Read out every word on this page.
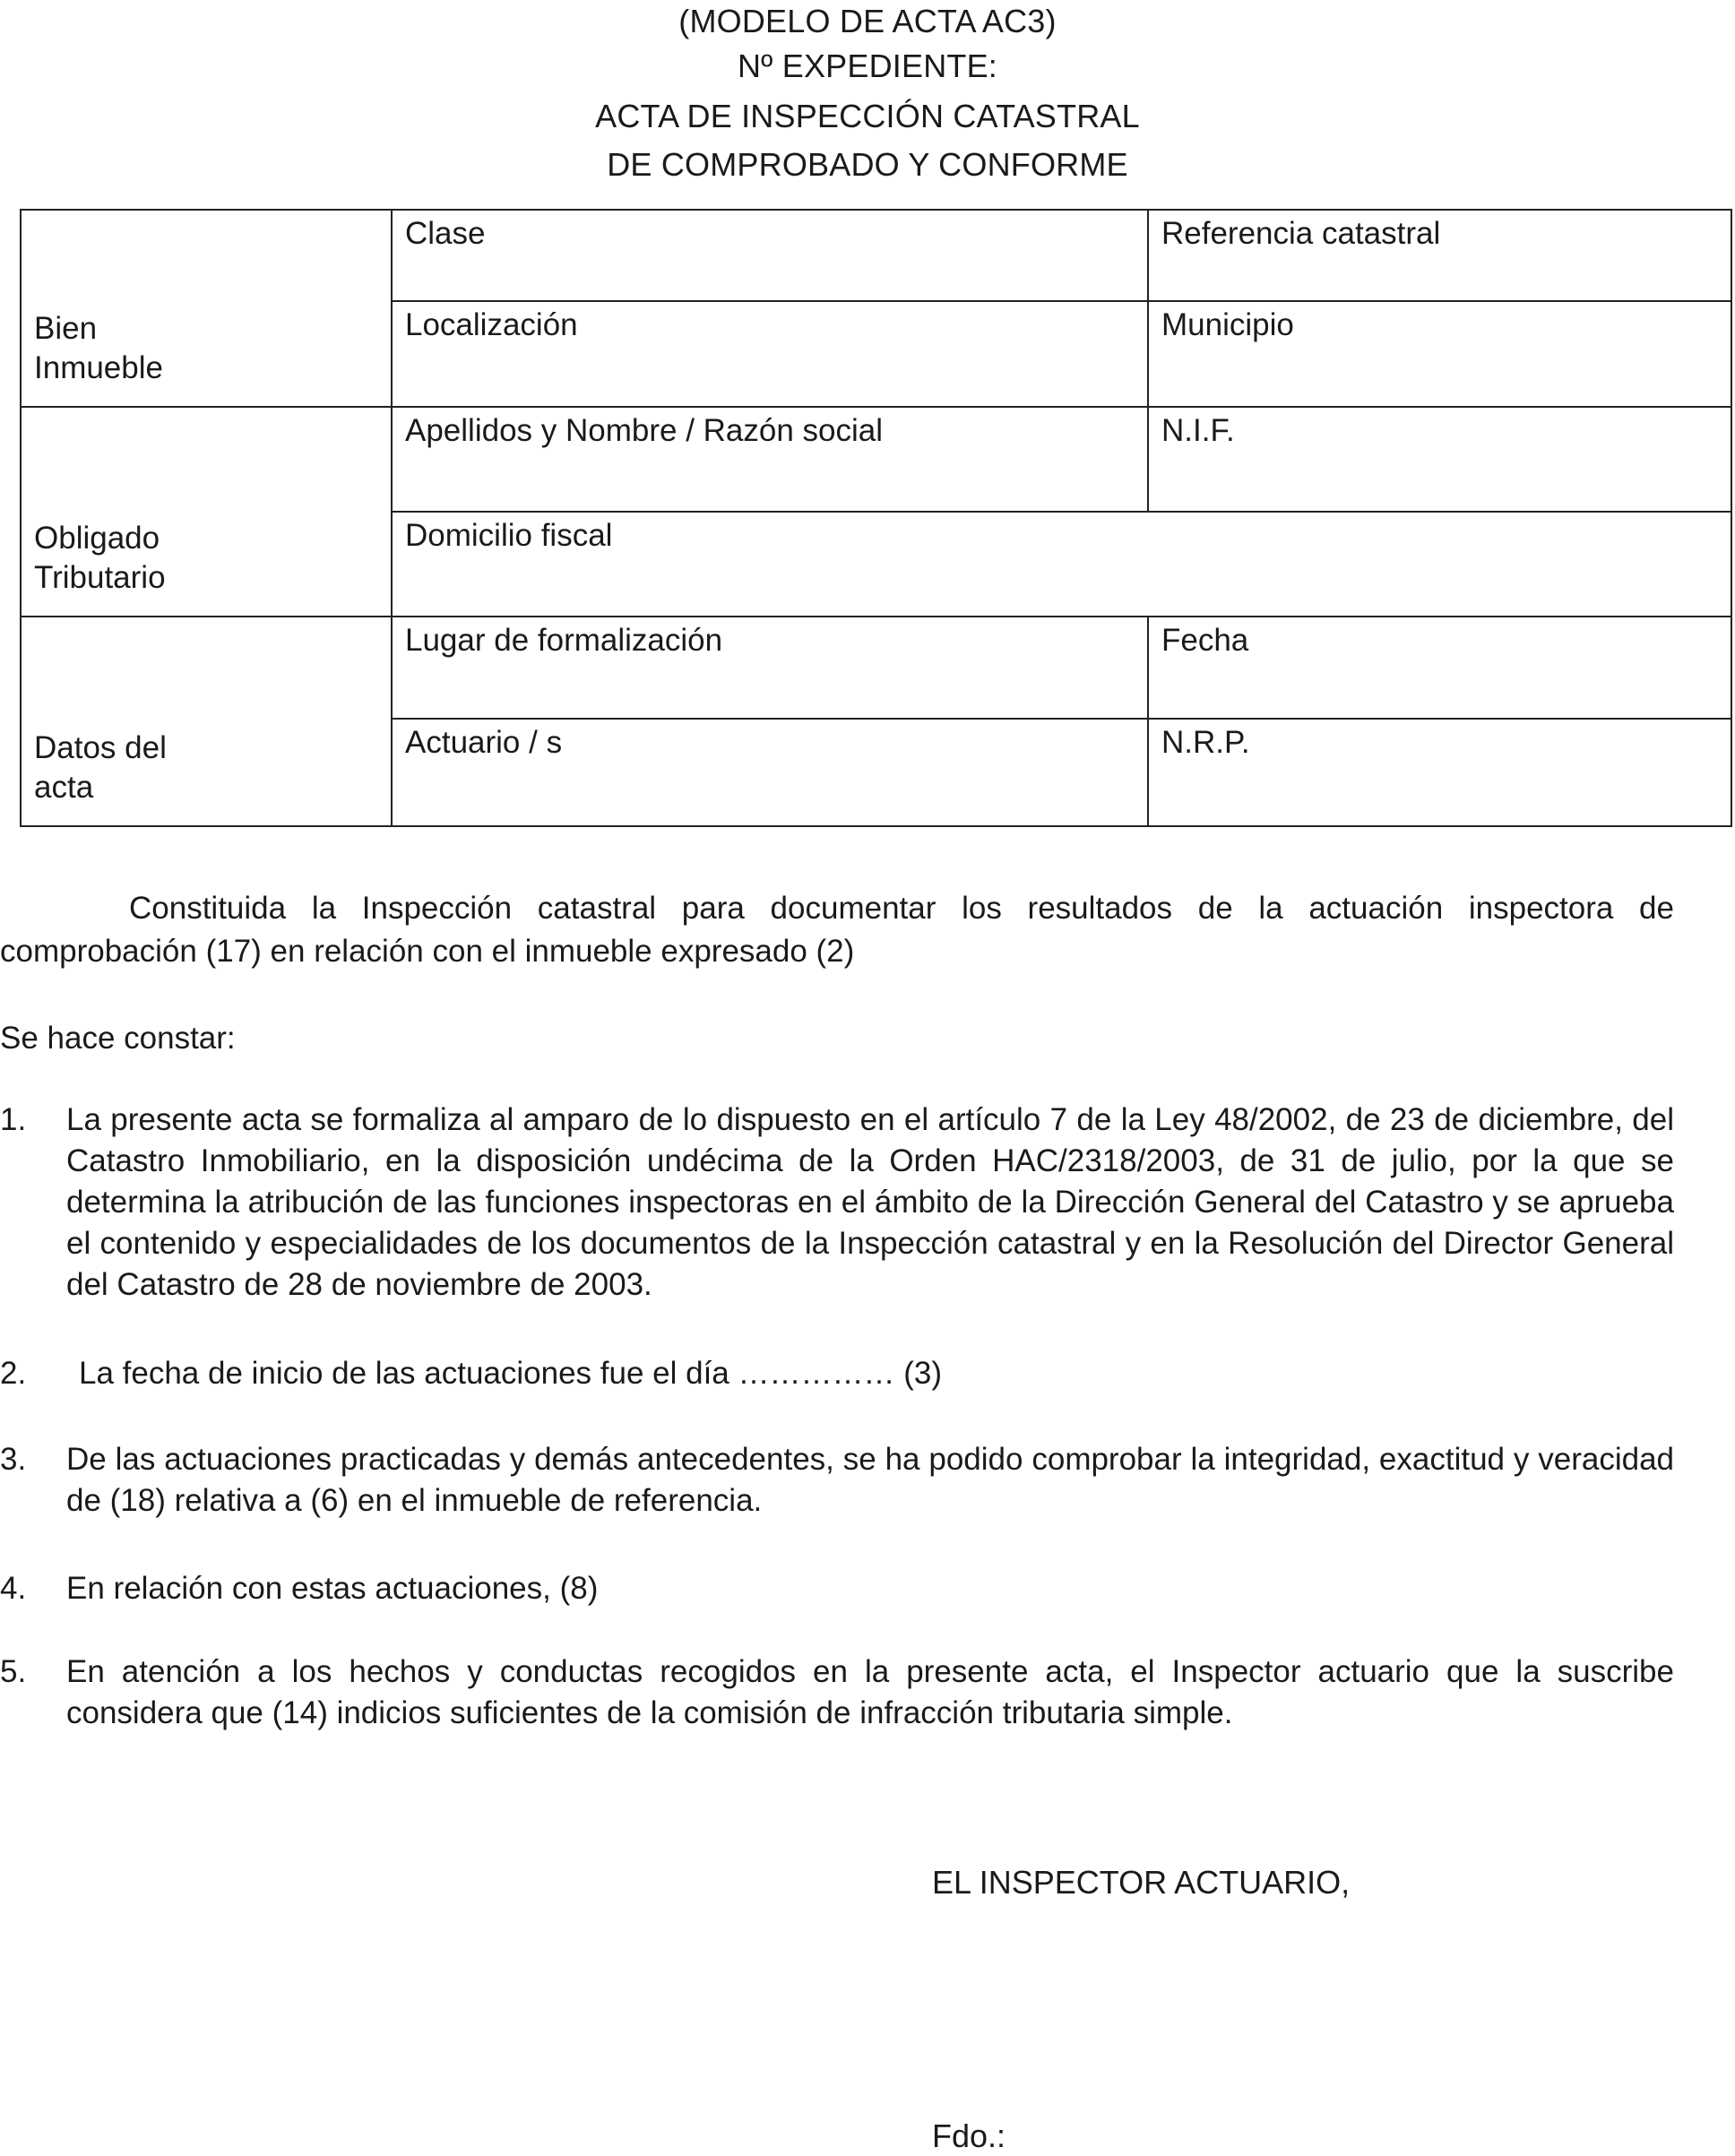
(MODELO DE ACTA AC3)
Nº EXPEDIENTE:
ACTA DE INSPECCIÓN CATASTRAL
DE COMPROBADO Y CONFORME
Bien Inmueble	Clase	Referencia catastral
	Localización	Municipio

Obligado Tributario	Apellidos y Nombre / Razón social	N.I.F.
	Domicilio fiscal	

Datos del acta	Lugar de formalización	Fecha
	Actuario / s	N.R.P.
Constituida la Inspección catastral para documentar los resultados de la actuación inspectora de comprobación (17) en relación con el inmueble expresado (2)
Se hace constar:
1. La presente acta se formaliza al amparo de lo dispuesto en el artículo 7 de la Ley 48/2002, de 23 de diciembre, del Catastro Inmobiliario, en la disposición undécima de la Orden HAC/2318/2003, de 31 de julio, por la que se determina la atribución de las funciones inspectoras en el ámbito de la Dirección General del Catastro y se aprueba el contenido y especialidades de los documentos de la Inspección catastral y en la Resolución del Director General del Catastro de 28 de noviembre de 2003.
2. La fecha de inicio de las actuaciones fue el día …………… (3)
3. De las actuaciones practicadas y demás antecedentes, se ha podido comprobar la integridad, exactitud y veracidad de (18) relativa a (6) en el inmueble de referencia.
4. En relación con estas actuaciones, (8)
5. En atención a los hechos y conductas recogidos en la presente acta, el Inspector actuario que la suscribe considera que (14) indicios suficientes de la comisión de infracción tributaria simple.
EL INSPECTOR ACTUARIO,
Fdo.:
